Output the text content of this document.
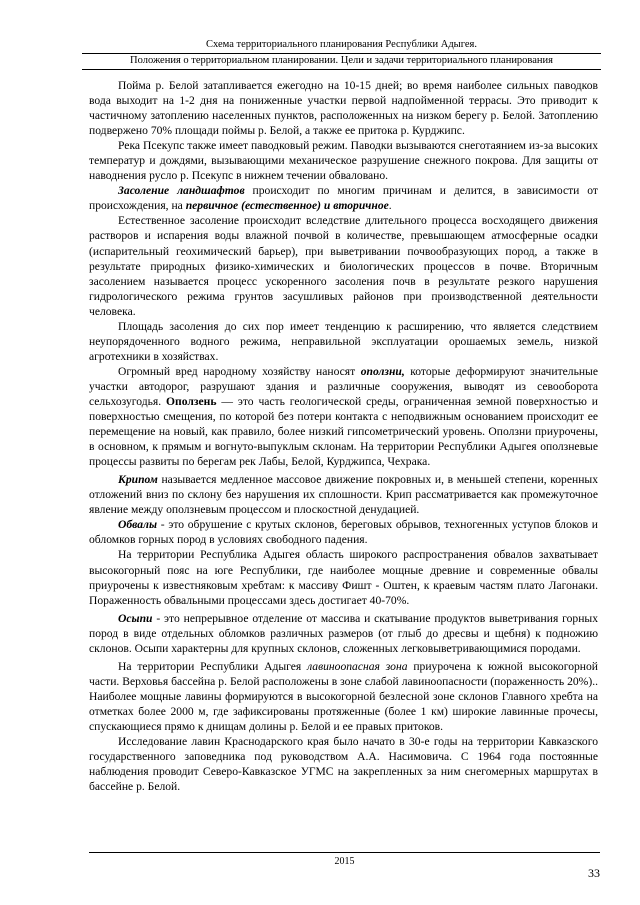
Схема территориального планирования Республики Адыгея.
Положения о территориальном планировании. Цели и задачи территориального планирования

Пойма р. Белой затапливается ежегодно на 10-15 дней; во время наиболее сильных паводков вода выходит на 1-2 дня на пониженные участки первой надпойменной террасы. Это приводит к частичному затоплению населенных пунктов, расположенных на низком берегу р. Белой. Затоплению подвержено 70% площади поймы р. Белой, а также ее притока р. Курджипс.

Река Псекупс также имеет паводковый режим. Паводки вызываются снеготаянием из-за высоких температур и дождями, вызывающими механическое разрушение снежного покрова. Для защиты от наводнения русло р. Псекупс в нижнем течении обваловано.

Засоление ландшафтов происходит по многим причинам и делится, в зависимости от происхождения, на первичное (естественное) и вторичное.

Естественное засоление происходит вследствие длительного процесса восходящего движения растворов и испарения воды влажной почвой в количестве, превышающем атмосферные осадки (испарительный геохимический барьер), при выветривании почвообразующих пород, а также в результате природных физико-химических и биологических процессов в почве. Вторичным засолением называется процесс ускоренного засоления почв в результате резкого нарушения гидрологического режима грунтов засушливых районов при производственной деятельности человека.

Площадь засоления до сих пор имеет тенденцию к расширению, что является следствием неупорядоченного водного режима, неправильной эксплуатации орошаемых земель, низкой агротехники в хозяйствах.

Огромный вред народному хозяйству наносят оползни, которые деформируют значительные участки автодорог, разрушают здания и различные сооружения, выводят из севооборота сельхозугодья. Оползень — это часть геологической среды, ограниченная земной поверхностью и поверхностью смещения, по которой без потери контакта с неподвижным основанием происходит ее перемещение на новый, как правило, более низкий гипсометрический уровень. Оползни приурочены, в основном, к прямым и вогнуто-выпуклым склонам. На территории Республики Адыгея оползневые процессы развиты по берегам рек Лабы, Белой, Курджипса, Чехрака.

Крипом называется медленное массовое движение покровных и, в меньшей степени, коренных отложений вниз по склону без нарушения их сплошности. Крип рассматривается как промежуточное явление между оползневым процессом и плоскостной денудацией.

Обвалы - это обрушение с крутых склонов, береговых обрывов, техногенных уступов блоков и обломков горных пород в условиях свободного падения.

На территории Республика Адыгея область широкого распространения обвалов захватывает высокогорный пояс на юге Республики, где наиболее мощные древние и современные обвалы приурочены к известняковым хребтам: к массиву Фишт - Оштен, к краевым частям плато Лагонаки. Пораженность обвальными процессами здесь достигает 40-70%.

Осыпи - это непрерывное отделение от массива и скатывание продуктов выветривания горных пород в виде отдельных обломков различных размеров (от глыб до дресвы и щебня) к подножию склонов. Осыпи характерны для крупных склонов, сложенных легковыветривающимися породами.

На территории Республики Адыгея лавиноопасная зона приурочена к южной высокогорной части. Верховья бассейна р. Белой расположены в зоне слабой лавиноопасности (пораженность 20%).. Наиболее мощные лавины формируются в высокогорной безлесной зоне склонов Главного хребта на отметках более 2000 м, где зафиксированы протяженные (более 1 км) широкие лавинные прочесы, спускающиеся прямо к днищам долины р. Белой и ее правых притоков.

Исследование лавин Краснодарского края было начато в 30-е годы на территории Кавказского государственного заповедника под руководством А.А. Насимовича. С 1964 года постоянные наблюдения проводит Северо-Кавказское УГМС на закрепленных за ним снегомерных маршрутах в бассейне р. Белой.

2015
33
